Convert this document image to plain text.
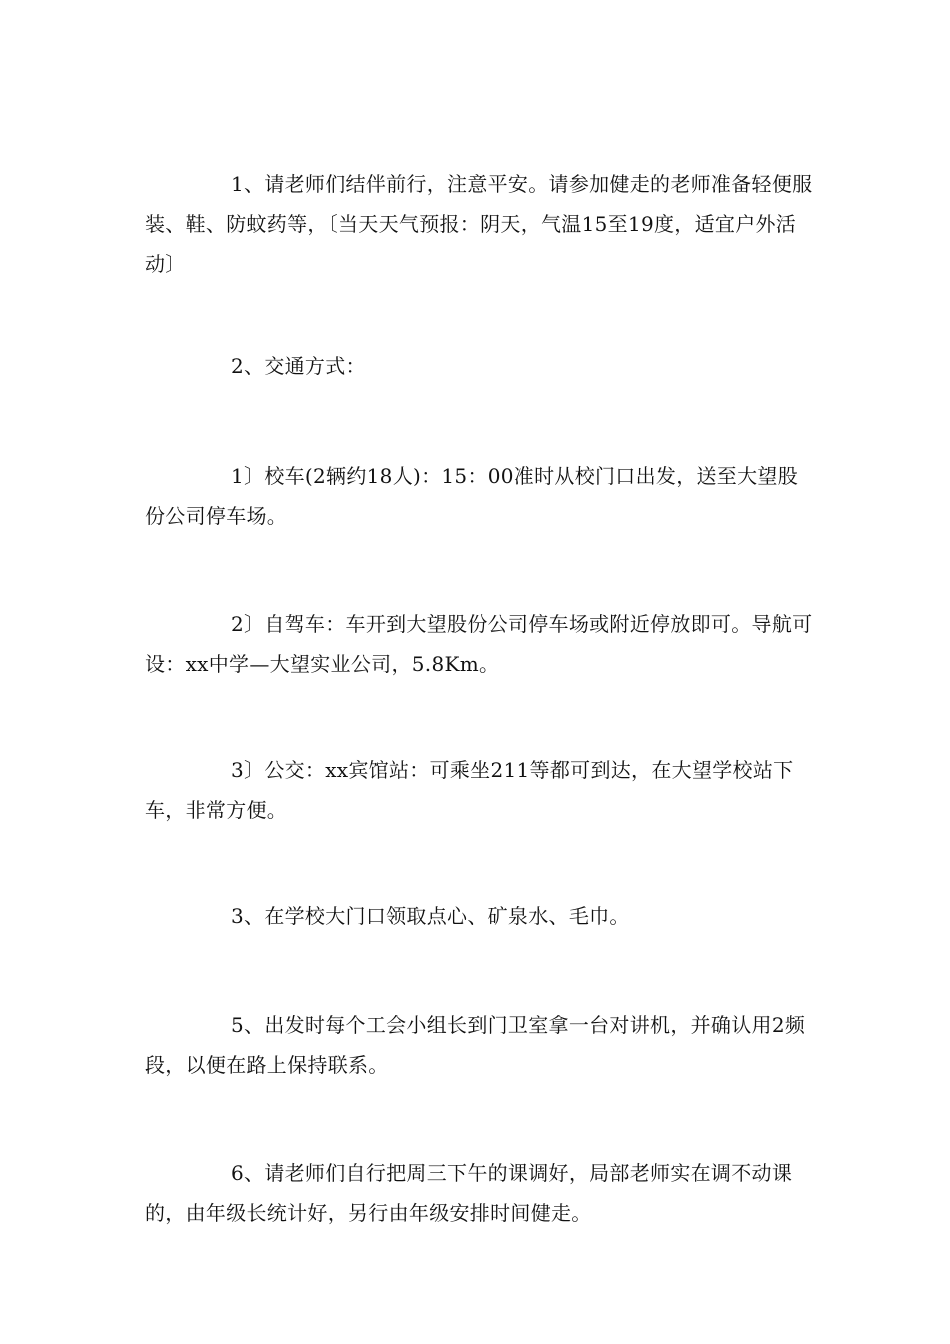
1、请老师们结伴前行，注意平安。请参加健走的老师准备轻便服装、鞋、防蚊药等，〔当天天气预报：阴天，气温15至19度，适宜户外活动〕

2、交通方式：

1〕校车(2辆约18人)：15：00准时从校门口出发，送至大望股份公司停车场。

2〕自驾车：车开到大望股份公司停车场或附近停放即可。导航可设：xx中学—大望实业公司，5.8Km。

3〕公交：xx宾馆站：可乘坐211等都可到达，在大望学校站下车，非常方便。

3、在学校大门口领取点心、矿泉水、毛巾。

5、出发时每个工会小组长到门卫室拿一台对讲机，并确认用2频段，以便在路上保持联系。

6、请老师们自行把周三下午的课调好，局部老师实在调不动课的，由年级长统计好，另行由年级安排时间健走。
